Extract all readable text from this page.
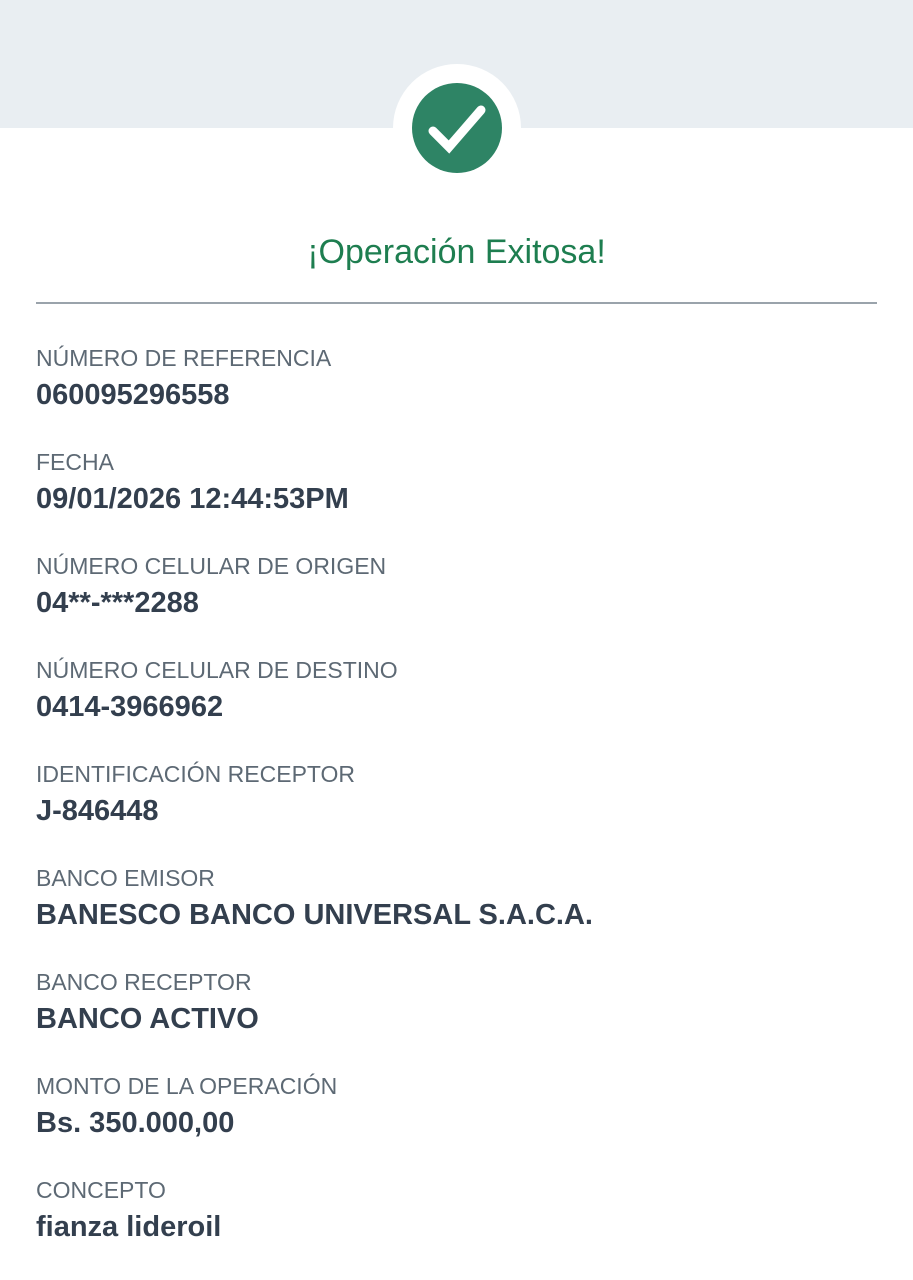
¡Operación Exitosa!
NÚMERO DE REFERENCIA
060095296558
FECHA
09/01/2026 12:44:53PM
NÚMERO CELULAR DE ORIGEN
04**-***2288
NÚMERO CELULAR DE DESTINO
0414-3966962
IDENTIFICACIÓN RECEPTOR
J-846448
BANCO EMISOR
BANESCO BANCO UNIVERSAL S.A.C.A.
BANCO RECEPTOR
BANCO ACTIVO
MONTO DE LA OPERACIÓN
Bs. 350.000,00
CONCEPTO
fianza lideroil
